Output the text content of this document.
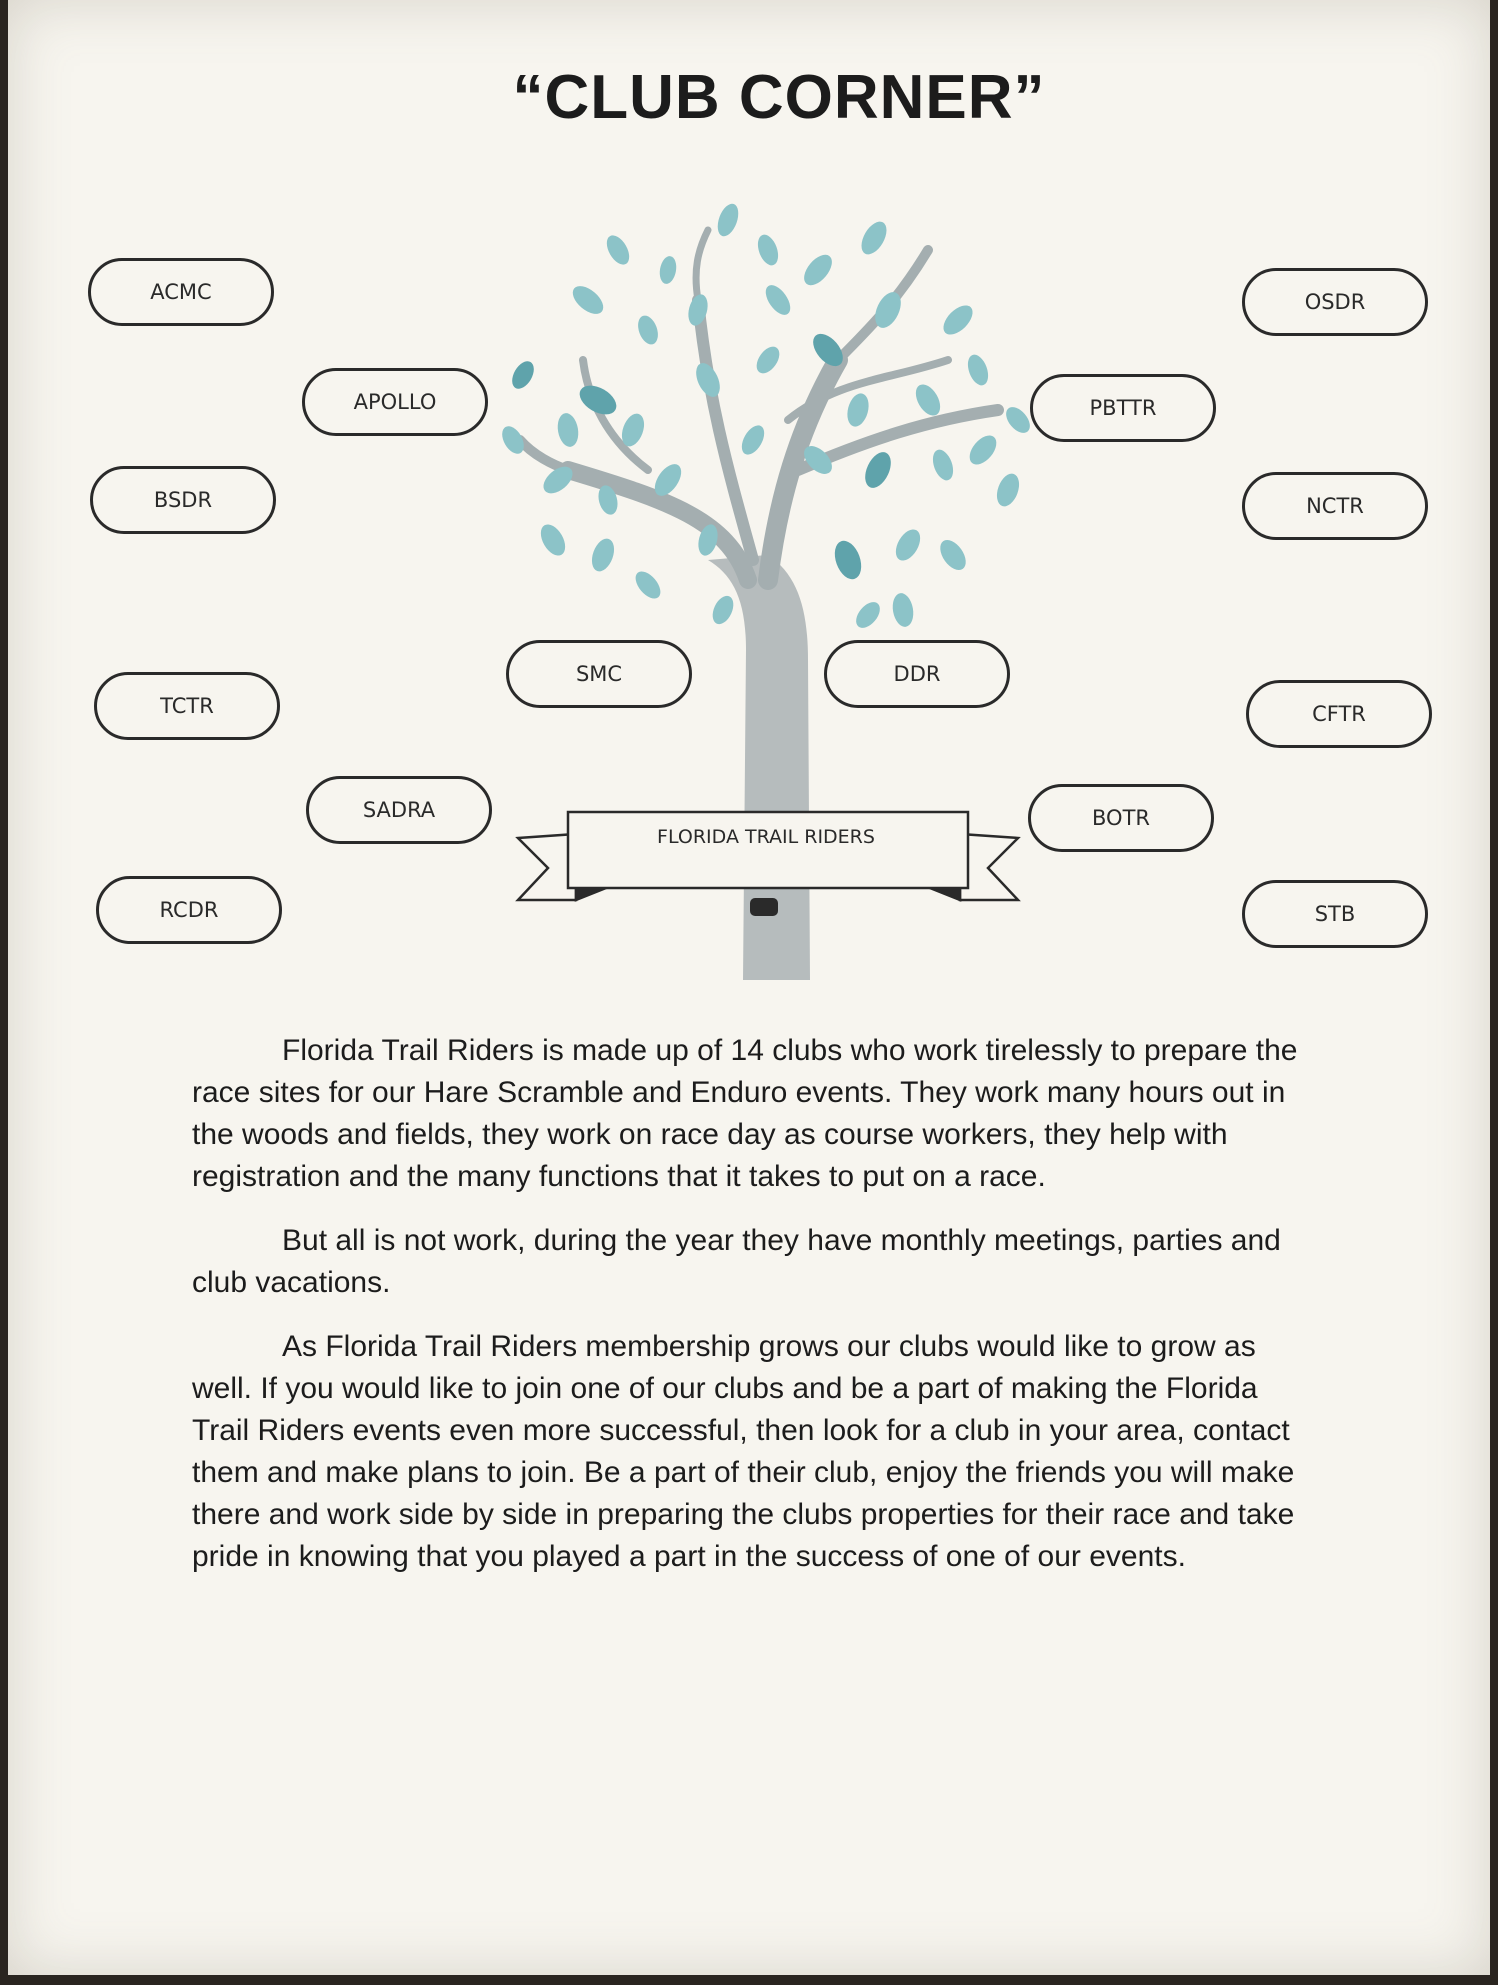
“CLUB CORNER”
FLORIDA TRAIL RIDERS
ACMC
APOLLO
BSDR
TCTR
SADRA
RCDR
SMC	DDR
OSDR
PBTTR
NCTR
CFTR
BOTR
STB

Florida Trail Riders is made up of 14 clubs who work tirelessly to prepare the race sites for our Hare Scramble and Enduro events. They work many hours out in the woods and fields, they work on race day as course workers, they help with registration and the many functions that it takes to put on a race.

But all is not work, during the year they have monthly meetings, parties and club vacations.

As Florida Trail Riders membership grows our clubs would like to grow as well. If you would like to join one of our clubs and be a part of making the Florida Trail Riders events even more successful, then look for a club in your area, contact them and make plans to join. Be a part of their club, enjoy the friends you will make there and work side by side in preparing the clubs properties for their race and take pride in knowing that you played a part in the success of one of our events.
